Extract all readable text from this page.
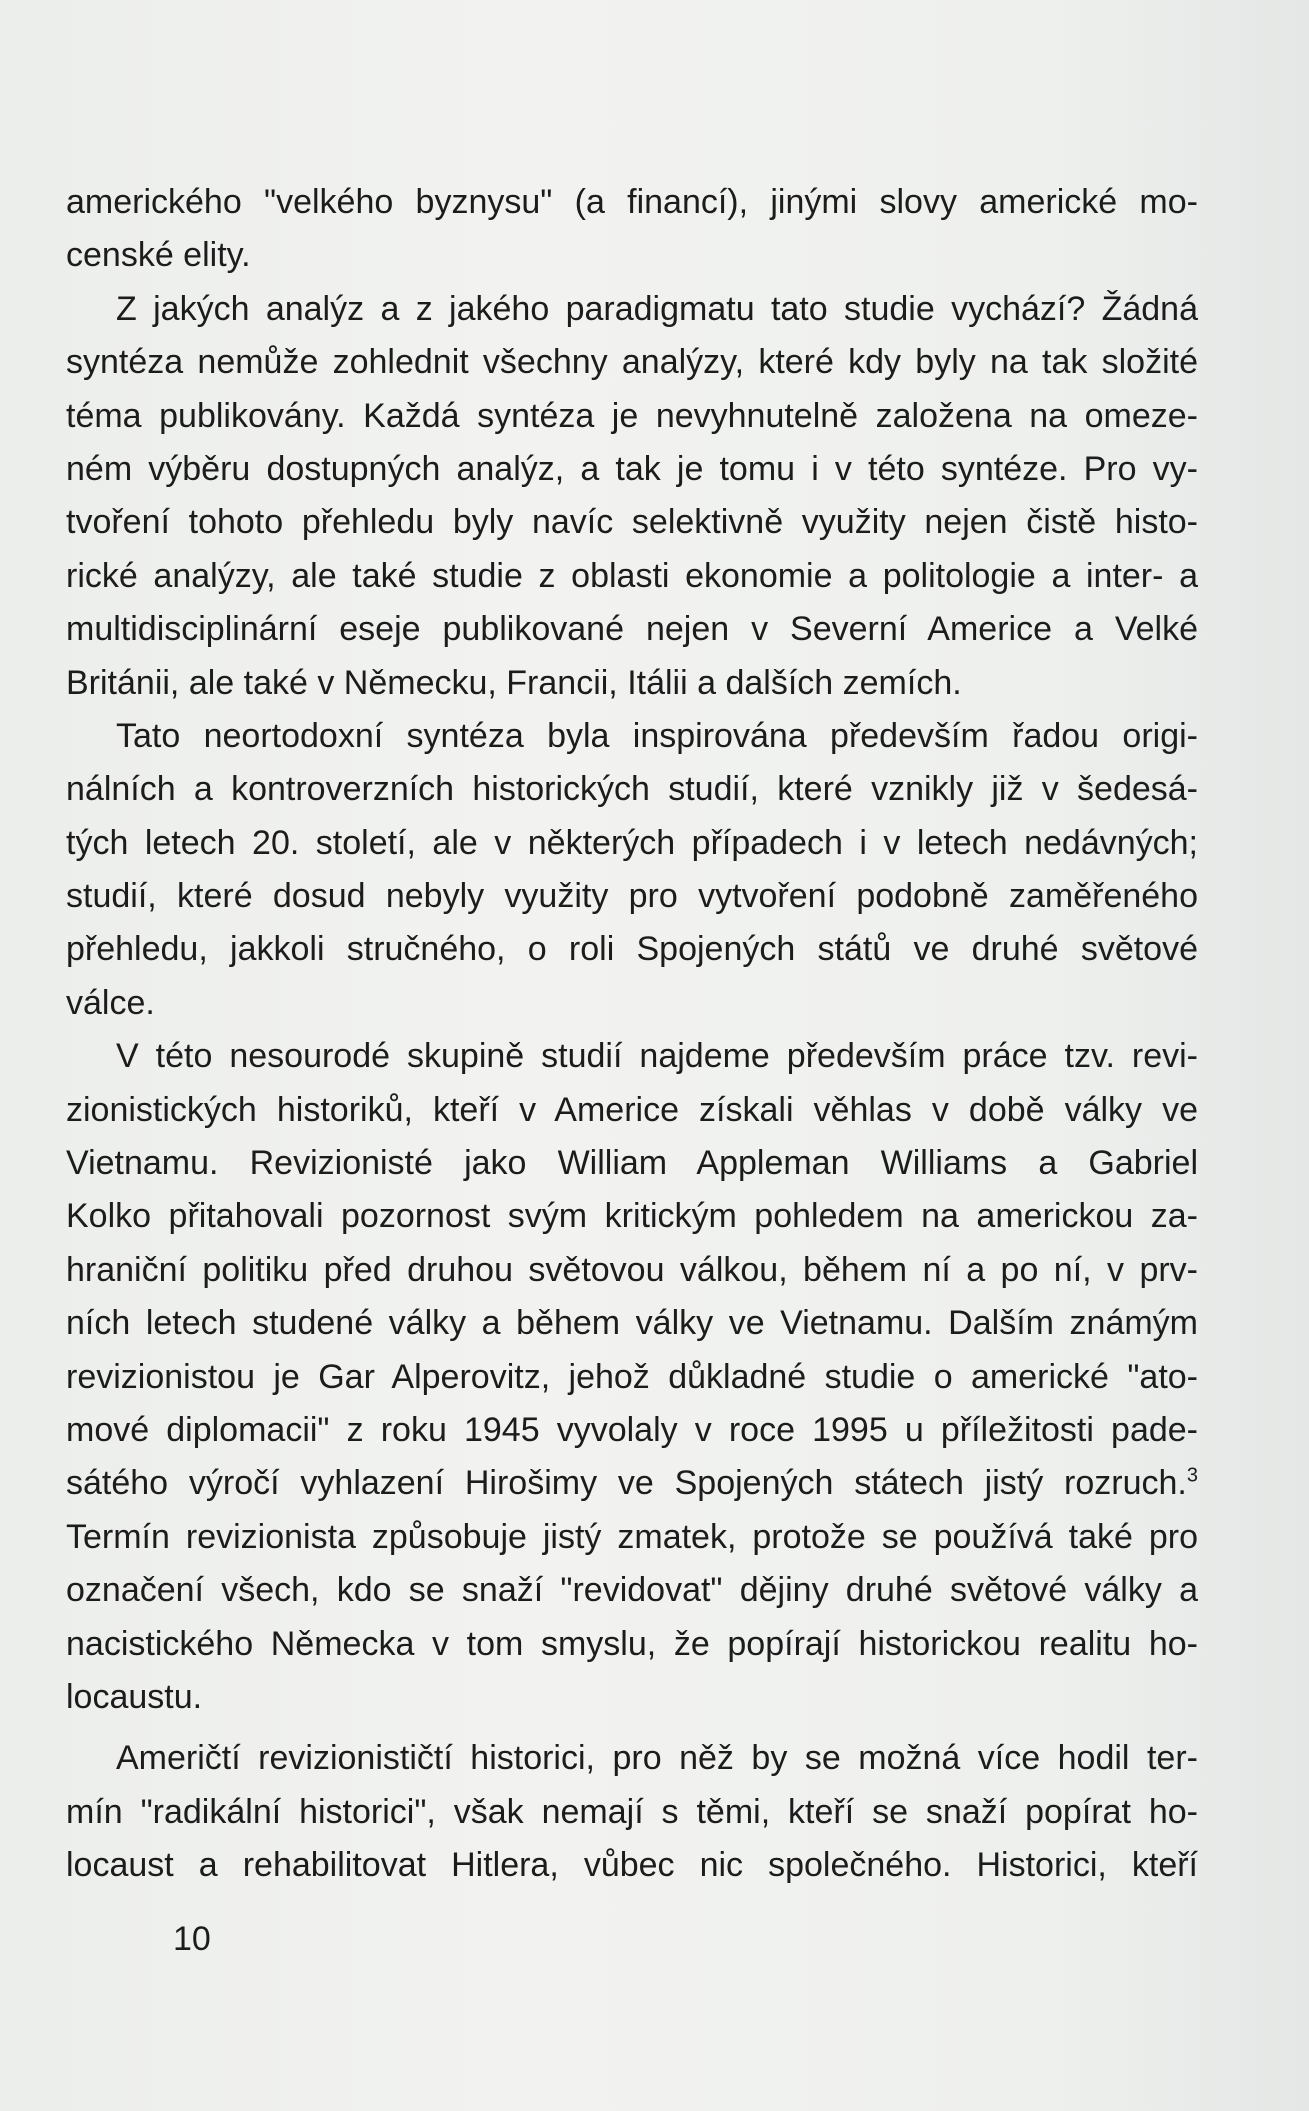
amerického "velkého byznysu" (a financí), jinými slovy americké mo-
censké elity.
Z jakých analýz a z jakého paradigmatu tato studie vychází? Žádná
syntéza nemůže zohlednit všechny analýzy, které kdy byly na tak složité
téma publikovány. Každá syntéza je nevyhnutelně založena na omeze-
ném výběru dostupných analýz, a tak je tomu i v této syntéze. Pro vy-
tvoření tohoto přehledu byly navíc selektivně využity nejen čistě histo-
rické analýzy, ale také studie z oblasti ekonomie a politologie a inter- a
multidisciplinární eseje publikované nejen v Severní Americe a Velké
Británii, ale také v Německu, Francii, Itálii a dalších zemích.
Tato neortodoxní syntéza byla inspirována především řadou origi-
nálních a kontroverzních historických studií, které vznikly již v šedesá-
tých letech 20. století, ale v některých případech i v letech nedávných;
studií, které dosud nebyly využity pro vytvoření podobně zaměřeného
přehledu, jakkoli stručného, o roli Spojených států ve druhé světové
válce.
V této nesourodé skupině studií najdeme především práce tzv. revi-
zionistických historiků, kteří v Americe získali věhlas v době války ve
Vietnamu. Revizionisté jako William Appleman Williams a Gabriel
Kolko přitahovali pozornost svým kritickým pohledem na americkou za-
hraniční politiku před druhou světovou válkou, během ní a po ní, v prv-
ních letech studené války a během války ve Vietnamu. Dalším známým
revizionistou je Gar Alperovitz, jehož důkladné studie o americké "ato-
mové diplomacii" z roku 1945 vyvolaly v roce 1995 u příležitosti pade-
sátého výročí vyhlazení Hirošimy ve Spojených státech jistý rozruch.$^3$
Termín revizionista způsobuje jistý zmatek, protože se používá také pro
označení všech, kdo se snaží "revidovat" dějiny druhé světové války a
nacistického Německa v tom smyslu, že popírají historickou realitu ho-
locaustu.
Američtí revizionističtí historici, pro něž by se možná více hodil ter-
mín "radikální historici", však nemají s těmi, kteří se snaží popírat ho-
locaust a rehabilitovat Hitlera, vůbec nic společného. Historici, kteří
10
